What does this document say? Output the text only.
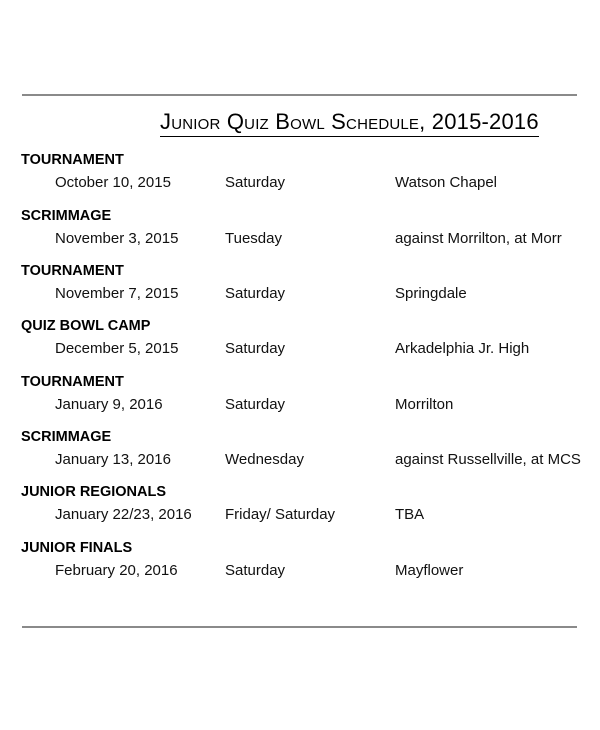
Junior Quiz Bowl Schedule, 2015-2016
TOURNAMENT
October 10, 2015	Saturday	Watson Chapel
SCRIMMAGE
November 3, 2015	Tuesday	against Morrilton, at Morr
TOURNAMENT
November 7, 2015	Saturday	Springdale
QUIZ BOWL CAMP
December 5, 2015	Saturday	Arkadelphia Jr. High
TOURNAMENT
January 9, 2016	Saturday	Morrilton
SCRIMMAGE
January 13, 2016	Wednesday	against Russellville, at MCS
JUNIOR REGIONALS
January 22/23, 2016 Friday/ Saturday	TBA
JUNIOR FINALS
February 20, 2016	Saturday	Mayflower
